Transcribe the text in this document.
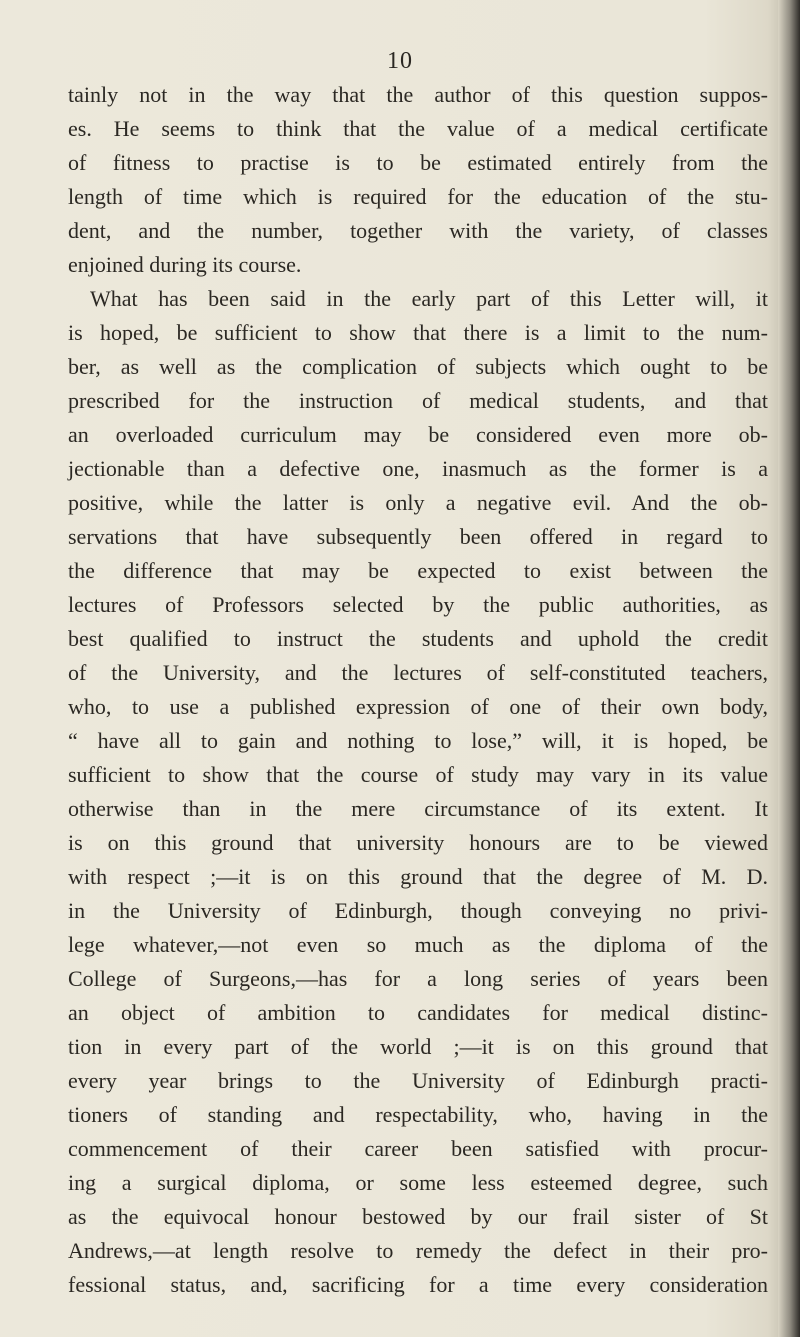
10
tainly not in the way that the author of this question suppos-
es. He seems to think that the value of a medical certificate
of fitness to practise is to be estimated entirely from the
length of time which is required for the education of the stu-
dent, and the number, together with the variety, of classes
enjoined during its course.
What has been said in the early part of this Letter will, it
is hoped, be sufficient to show that there is a limit to the num-
ber, as well as the complication of subjects which ought to be
prescribed for the instruction of medical students, and that
an overloaded curriculum may be considered even more ob-
jectionable than a defective one, inasmuch as the former is a
positive, while the latter is only a negative evil. And the ob-
servations that have subsequently been offered in regard to
the difference that may be expected to exist between the
lectures of Professors selected by the public authorities, as
best qualified to instruct the students and uphold the credit
of the University, and the lectures of self-constituted teachers,
who, to use a published expression of one of their own body,
“ have all to gain and nothing to lose,” will, it is hoped, be
sufficient to show that the course of study may vary in its value
otherwise than in the mere circumstance of its extent. It
is on this ground that university honours are to be viewed
with respect ;—it is on this ground that the degree of M. D.
in the University of Edinburgh, though conveying no privi-
lege whatever,—not even so much as the diploma of the
College of Surgeons,—has for a long series of years been
an object of ambition to candidates for medical distinc-
tion in every part of the world ;—it is on this ground that
every year brings to the University of Edinburgh practi-
tioners of standing and respectability, who, having in the
commencement of their career been satisfied with procur-
ing a surgical diploma, or some less esteemed degree, such
as the equivocal honour bestowed by our frail sister of St
Andrews,—at length resolve to remedy the defect in their pro-
fessional status, and, sacrificing for a time every consideration
